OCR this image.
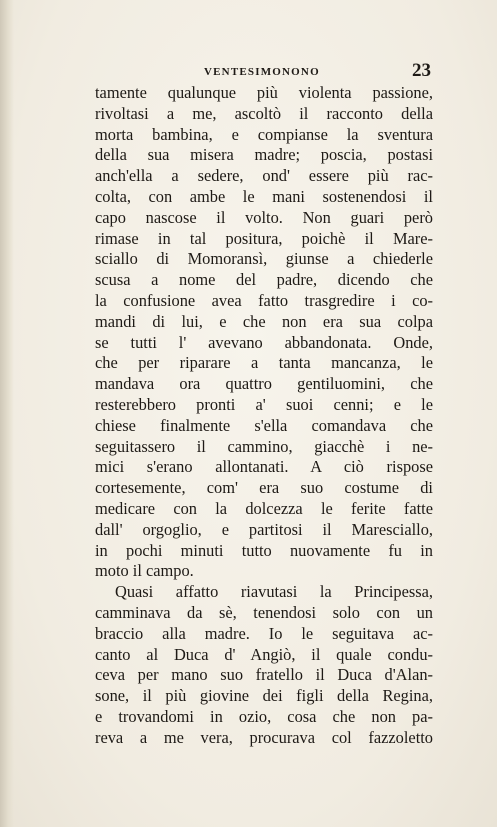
VENTESIMONONO	23
tamente qualunque più violenta passione,
rivoltasi a me, ascoltò il racconto della
morta bambina, e compianse la sventura
della sua misera madre; poscia, postasi
anch'ella a sedere, ond' essere più rac-
colta, con ambe le mani sostenendosi il
capo nascose il volto. Non guari però
rimase in tal positura, poichè il Mare-
sciallo di Momoransì, giunse a chiederle
scusa a nome del padre, dicendo che
la confusione avea fatto trasgredire i co-
mandi di lui, e che non era sua colpa
se tutti l' avevano abbandonata. Onde,
che per riparare a tanta mancanza, le
mandava ora quattro gentiluomini, che
resterebbero pronti a' suoi cenni; e le
chiese finalmente s'ella comandava che
seguitassero il cammino, giacchè i ne-
mici s'erano allontanati. A ciò rispose
cortesemente, com' era suo costume di
medicare con la dolcezza le ferite fatte
dall' orgoglio, e partitosi il Maresciallo,
in pochi minuti tutto nuovamente fu in
moto il campo.
Quasi affatto riavutasi la Principessa,
camminava da sè, tenendosi solo con un
braccio alla madre. Io le seguitava ac-
canto al Duca d' Angiò, il quale condu-
ceva per mano suo fratello il Duca d'Alan-
sone, il più giovine dei figli della Regina,
e trovandomi in ozio, cosa che non pa-
reva a me vera, procurava col fazzoletto
